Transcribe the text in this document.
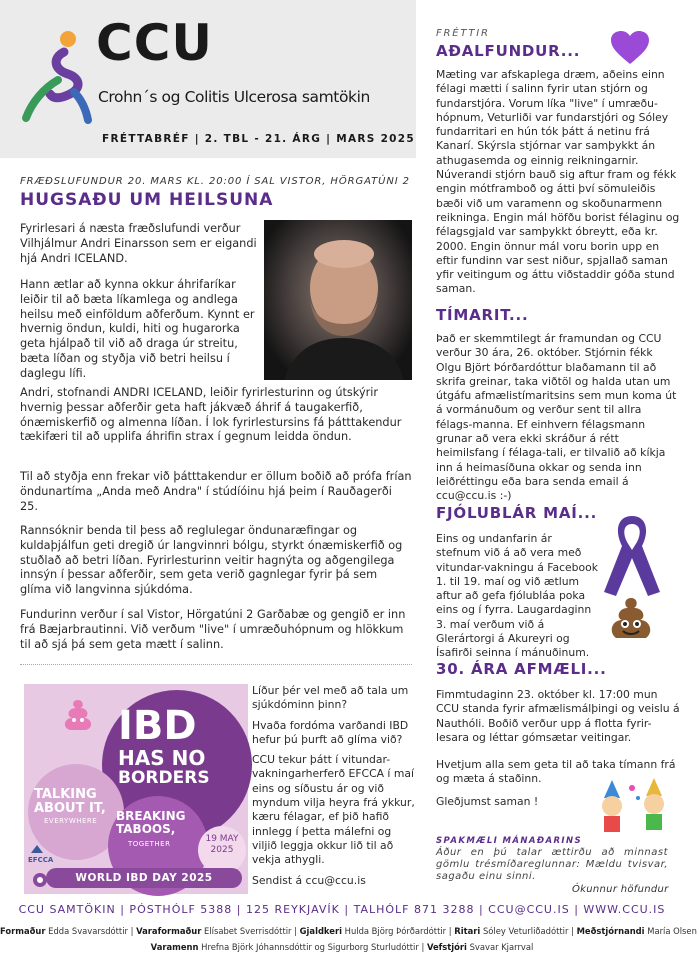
CCU
Crohn´s og Colitis Ulcerosa samtökin
FRÉTTABRÉF | 2. TBL - 21. ÁRG | MARS 2025
FRÆÐSLUFUNDUR 20. MARS KL. 20:00 Í SAL VISTOR, HÖRGATÚNI 2
HUGSAÐU UM HEILSUNA

Fyrirlesari á næsta fræðslufundi verður Vilhjálmur Andri Einarsson sem er eigandi hjá Andri ICELAND.

Hann ætlar að kynna okkur áhrifaríkar leiðir til að bæta líkamlega og andlega heilsu með einföldum aðferðum. Kynnt er hvernig öndun, kuldi, hiti og hugarorka geta hjálpað til við að draga úr streitu, bæta líðan og styðja við betri heilsu í daglegu lífi.

Andri, stofnandi ANDRI ICELAND, leiðir fyrirlesturinn og útskýrir hvernig þessar aðferðir geta haft jákvæð áhrif á taugakerfið, ónæmiskerfið og almenna líðan. Í lok fyrirlestursins fá þátttakendur tækifæri til að upplifa áhrifin strax í gegnum leidda öndun.

Til að styðja enn frekar við þátttakendur er öllum boðið að prófa frían öndunartíma „Anda með Andra" í stúdíóinu hjá þeim í Rauðagerði 25.

Rannsóknir benda til þess að reglulegar öndunaræfingar og kuldaþjálfun geti dregið úr langvinnri bólgu, styrkt ónæmiskerfið og stuðlað að betri líðan. Fyrirlesturinn veitir hagnýta og aðgengilega innsýn í þessar aðferðir, sem geta verið gagnlegar fyrir þá sem glíma við langvinna sjúkdóma.

Fundurinn verður í sal Vistor, Hörgatúni 2 Garðabæ og gengið er inn frá Bæjarbrautinni. Við verðum "live" í umræðuhópnum og hlökkum til að sjá þá sem geta mætt í salinn.

IBD
HAS NO
BORDERS
TALKING ABOUT IT,
EVERYWHERE BREAKING TABOOS,
TOGETHER	19 MAY 2025
EFCCA
WORLD IBD DAY 2025

Líður þér vel með að tala um sjúkdóminn þinn?

Hvaða fordóma varðandi IBD hefur þú þurft að glíma við?

CCU tekur þátt í vitundar-vakningarherferð EFCCA í maí eins og síðustu ár og við myndum vilja heyra frá ykkur, kæru félagar, ef þið hafið innlegg í þetta málefni og viljið leggja okkur lið til að vekja athygli.

Sendist á ccu@ccu.is

FRÉTTIR
AÐALFUNDUR...

Mæting var afskaplega dræm, aðeins einn félagi mætti í salinn fyrir utan stjórn og fundarstjóra. Vorum líka "live" í umræðu-hópnum, Veturliði var fundarstjóri og Sóley fundarritari en hún tók þátt á netinu frá Kanarí. Skýrsla stjórnar var samþykkt án athugasemda og einnig reikningarnir. Núverandi stjórn bauð sig aftur fram og fékk engin mótframboð og átti því sömuleiðis bæði við um varamenn og skoðunarmenn reikninga. Engin mál höfðu borist félaginu og félagsgjald var samþykkt óbreytt, eða kr. 2000. Engin önnur mál voru borin upp en eftir fundinn var sest niður, spjallað saman yfir veitingum og áttu viðstaddir góða stund saman.

TÍMARIT...

Það er skemmtilegt ár framundan og CCU verður 30 ára, 26. október. Stjórnin fékk Olgu Björt Þórðardóttur blaðamann til að skrifa greinar, taka viðtöl og halda utan um útgáfu afmælistímaritsins sem mun koma út á vormánuðum og verður sent til allra félags-manna. Ef einhvern félagsmann grunar að vera ekki skráður á rétt heimilsfang í félaga-tali, er tilvalið að kíkja inn á heimasíðuna okkar og senda inn leiðréttingu eða bara senda email á ccu@ccu.is :-)

FJÓLUBLÁR MAÍ...

Eins og undanfarin ár stefnum við á að vera með vitundar-vakningu á Facebook 1. til 19. maí og við ætlum aftur að gefa fjólubláa poka eins og í fyrra. Laugardaginn 3. maí verðum við á Glerártorgi á Akureyri og Ísafirði seinna í mánuðinum.

30. ÁRA AFMÆLI...

Fimmtudaginn 23. október kl. 17:00 mun CCU standa fyrir afmælismálþingi og veislu á Nauthóli. Boðið verður upp á flotta fyrir-lesara og léttar gómsætar veitingar.

Hvetjum alla sem geta til að taka tímann frá og mæta á staðinn.

Gleðjumst saman !

SPAKMÆLI MÁNAÐARINS
Áður en þú talar ættirðu að minnast gömlu trésmíðareglunnar: Mældu tvisvar, sagaðu einu sinni.
Ókunnur höfundur
CCU SAMTÖKIN | PÓSTHÓLF 5388 | 125 REYKJAVÍK | TALHÓLF 871 3288 | CCU@CCU.IS | WWW.CCU.IS
Formaður Edda Svavarsdóttir | Varaformaður Elísabet Sverrisdóttir | Gjaldkeri Hulda Björg Þórðardóttir | Ritari Sóley Veturliðadóttir | Meðstjórnandi María Olsen
Varamenn Hrefna Björk Jóhannsdóttir og Sigurborg Sturludóttir | Vefstjóri Svavar Kjarrval
